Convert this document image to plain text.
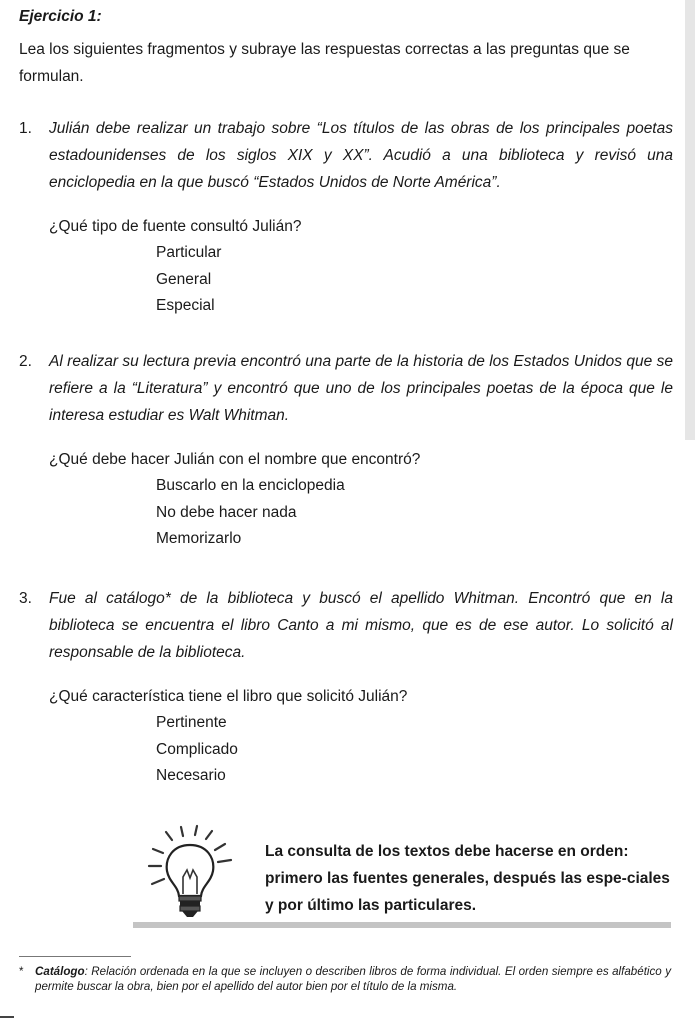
Ejercicio 1:
Lea los siguientes fragmentos y subraye las respuestas correctas a las preguntas que se formulan.
1. Julián debe realizar un trabajo sobre “Los títulos de las obras de los principales poetas estadounidenses de los siglos XIX y XX”. Acudió a una biblioteca y revisó una enciclopedia en la que buscó “Estados Unidos de Norte América”.
¿Qué tipo de fuente consultó Julián?
Particular
General
Especial
2. Al realizar su lectura previa encontró una parte de la historia de los Estados Unidos que se refiere a la “Literatura” y encontró que uno de los principales poetas de la época que le interesa estudiar es Walt Whitman.
¿Qué debe hacer Julián con el nombre que encontró?
Buscarlo en la enciclopedia
No debe hacer nada
Memorizarlo
3. Fue al catálogo* de la biblioteca y buscó el apellido Whitman. Encontró que en la biblioteca se encuentra el libro Canto a mi mismo, que es de ese autor. Lo solicitó al responsable de la biblioteca.
¿Qué característica tiene el libro que solicitó Julián?
Pertinente
Complicado
Necesario
La consulta de los textos debe hacerse en orden: primero las fuentes generales, después las espe-ciales y por último las particulares.
* Catálogo: Relación ordenada en la que se incluyen o describen libros de forma individual. El orden siempre es alfabético y permite buscar la obra, bien por el apellido del autor bien por el título de la misma.
